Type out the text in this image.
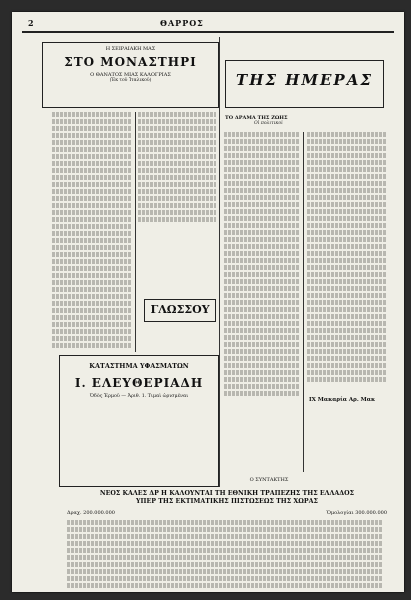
2	ΘΑΡΡΟΣ
Η ΣΕΙΡΑΙΑΚΗ ΜΑΣ
ΣΤΟ ΜΟΝΑΣΤΗΡΙ
Ο ΘΑΝΑΤΟΣ ΜΙΑΣ ΚΑΛΟΓΡΙΑΣ
(Ἐκ τοῦ Ἰταλικοῦ)	ΤΗΣ ΗΜΕΡΑΣ
ΤΟ ΔΡΑΜΑ ΤΗΣ ΖΩΗΣ
Οἱ πολιτικοὶ
ΓΛΩΣΣΟΥ
ΚΑΤΑΣΤΗΜΑ ΥΦΑΣΜΑΤΩΝ
Ι. ΕΛΕΥΘΕΡΙΑΔΗ
Ὁδὸς Ἐρμοῦ — Ἀριθ. 1. Τιμαὶ ὡρισμέναι
ΙΧ Μακαρία Αρ. Μακ
Ο ΣΥΝΤΑΚΤΗΣ
ΝΕΟΣ ΚΑΛΕΣ ΔΡ Η ΚΑΛΟΥΝΤΑΙ ΤΗ ΕΘΝΙΚΗ ΤΡΑΠΕΖΗΣ ΤΗΣ ΕΛΛΑΔΟΣ
ΥΠΕΡ ΤΗΣ ΕΚΤΙΜΑΤΙΚΗΣ ΠΙΣΤΩΣΕΩΣ ΤΗΣ ΧΩΡΑΣ
Δραχ. 200.000.000	Ὁμολογίαι 300.000.000
